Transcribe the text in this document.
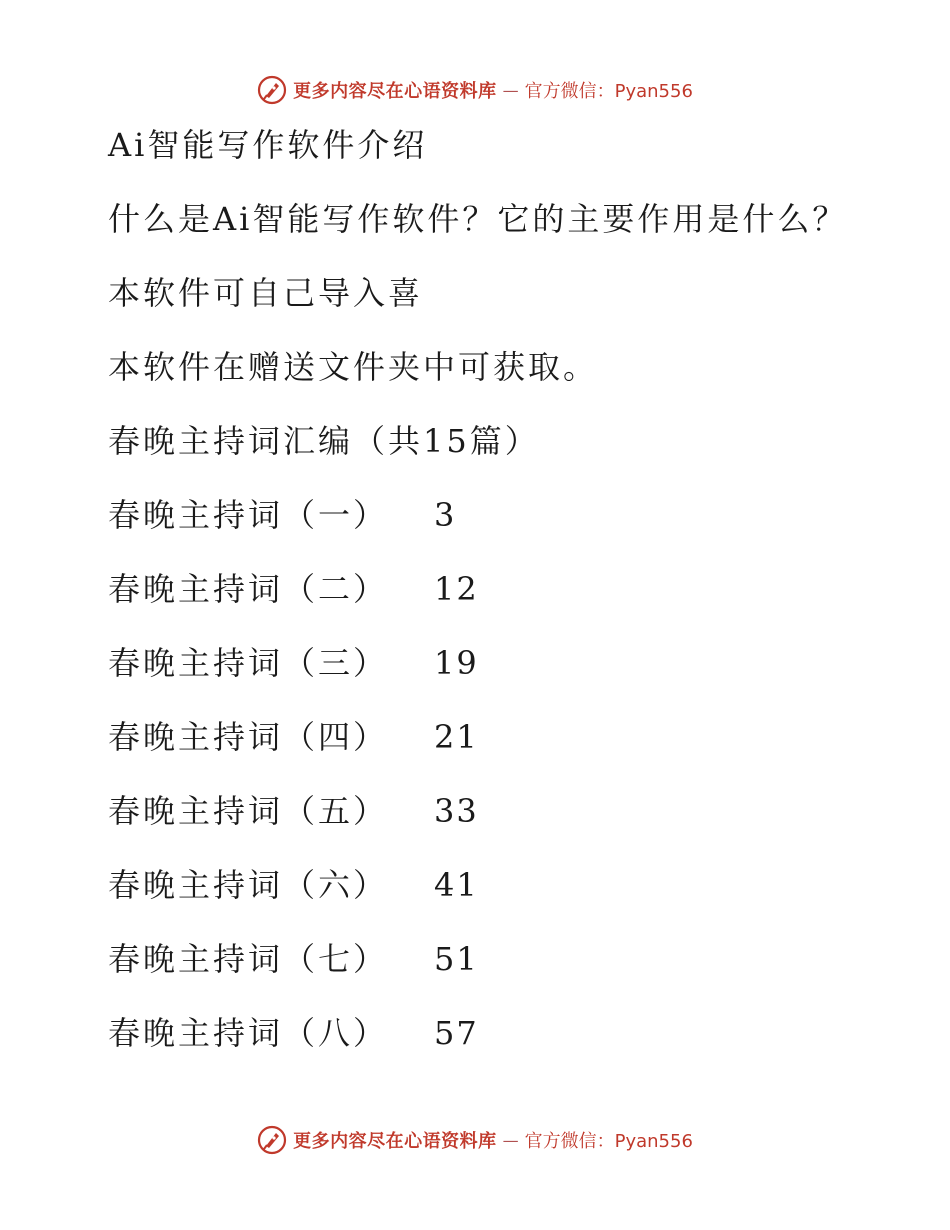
更多内容尽在心语资料库 — 官方微信：Pyan556
Ai智能写作软件介绍
什么是Ai智能写作软件？它的主要作用是什么？
本软件可自己导入喜
本软件在赠送文件夹中可获取。
春晚主持词汇编（共15篇）
春晚主持词（一）	3
春晚主持词（二）	12
春晚主持词（三）	19
春晚主持词（四）	21
春晚主持词（五）	33
春晚主持词（六）	41
春晚主持词（七）	51
春晚主持词（八）	57
更多内容尽在心语资料库 — 官方微信：Pyan556
